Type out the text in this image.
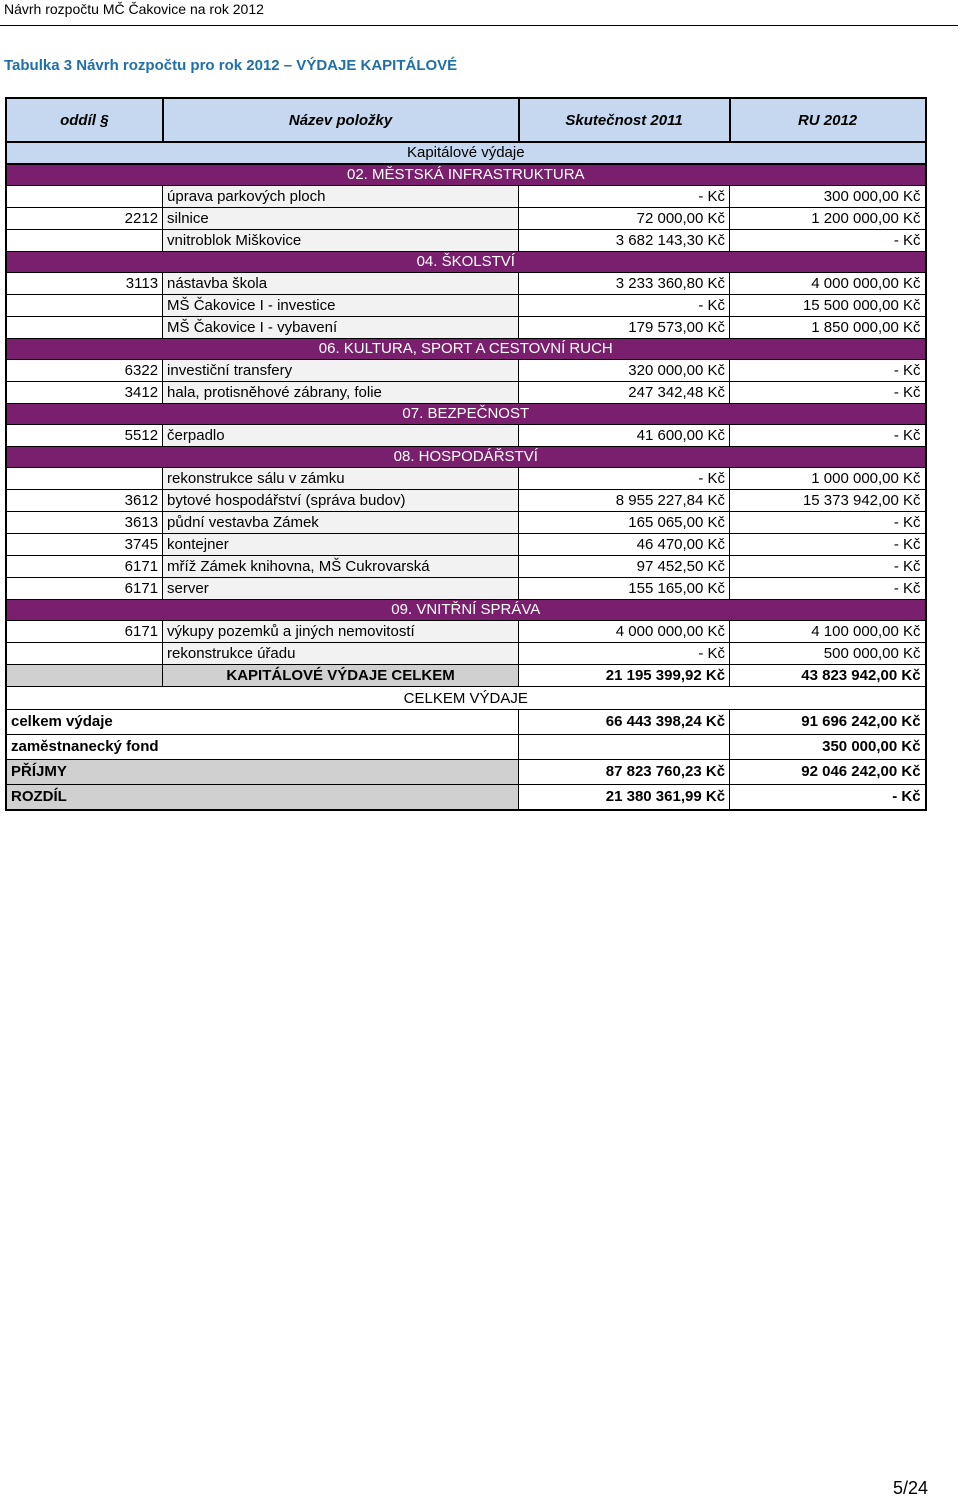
Návrh rozpočtu MČ Čakovice na rok 2012
Tabulka 3 Návrh rozpočtu pro rok 2012 – VÝDAJE KAPITÁLOVÉ
oddíl §	Název položky	Skutečnost 2011	RU 2012
Kapitálové výdaje			
02. MĚSTSKÁ INFRASTRUKTURA			
	úprava parkových ploch	- Kč	300 000,00 Kč
2212	silnice	72 000,00 Kč	1 200 000,00 Kč
	vnitroblok Miškovice	3 682 143,30 Kč	- Kč
04. ŠKOLSTVÍ			
3113	nástavba škola	3 233 360,80 Kč	4 000 000,00 Kč
	MŠ Čakovice I - investice	- Kč	15 500 000,00 Kč
	MŠ Čakovice I - vybavení	179 573,00 Kč	1 850 000,00 Kč
06. KULTURA, SPORT A CESTOVNÍ RUCH			
6322	investiční transfery	320 000,00 Kč	- Kč
3412	hala, protisněhové zábrany, folie	247 342,48 Kč	- Kč
07. BEZPEČNOST			
5512	čerpadlo	41 600,00 Kč	- Kč
08. HOSPODÁŘSTVÍ			
	rekonstrukce sálu v zámku	- Kč	1 000 000,00 Kč
3612	bytové hospodářství (správa budov)	8 955 227,84 Kč	15 373 942,00 Kč
3613	půdní vestavba Zámek	165 065,00 Kč	- Kč
3745	kontejner	46 470,00 Kč	- Kč
6171	mříž Zámek knihovna, MŠ Cukrovarská	97 452,50 Kč	- Kč
6171	server	155 165,00 Kč	- Kč
09. VNITŘNÍ SPRÁVA			
6171	výkupy pozemků a jiných nemovitostí	4 000 000,00 Kč	4 100 000,00 Kč
	rekonstrukce úřadu	- Kč	500 000,00 Kč
	KAPITÁLOVÉ VÝDAJE CELKEM	21 195 399,92 Kč	43 823 942,00 Kč
CELKEM VÝDAJE			
celkem výdaje		66 443 398,24 Kč	91 696 242,00 Kč
zaměstnanecký fond			350 000,00 Kč
PŘÍJMY		87 823 760,23 Kč	92 046 242,00 Kč
ROZDÍL		21 380 361,99 Kč	- Kč
5/24
